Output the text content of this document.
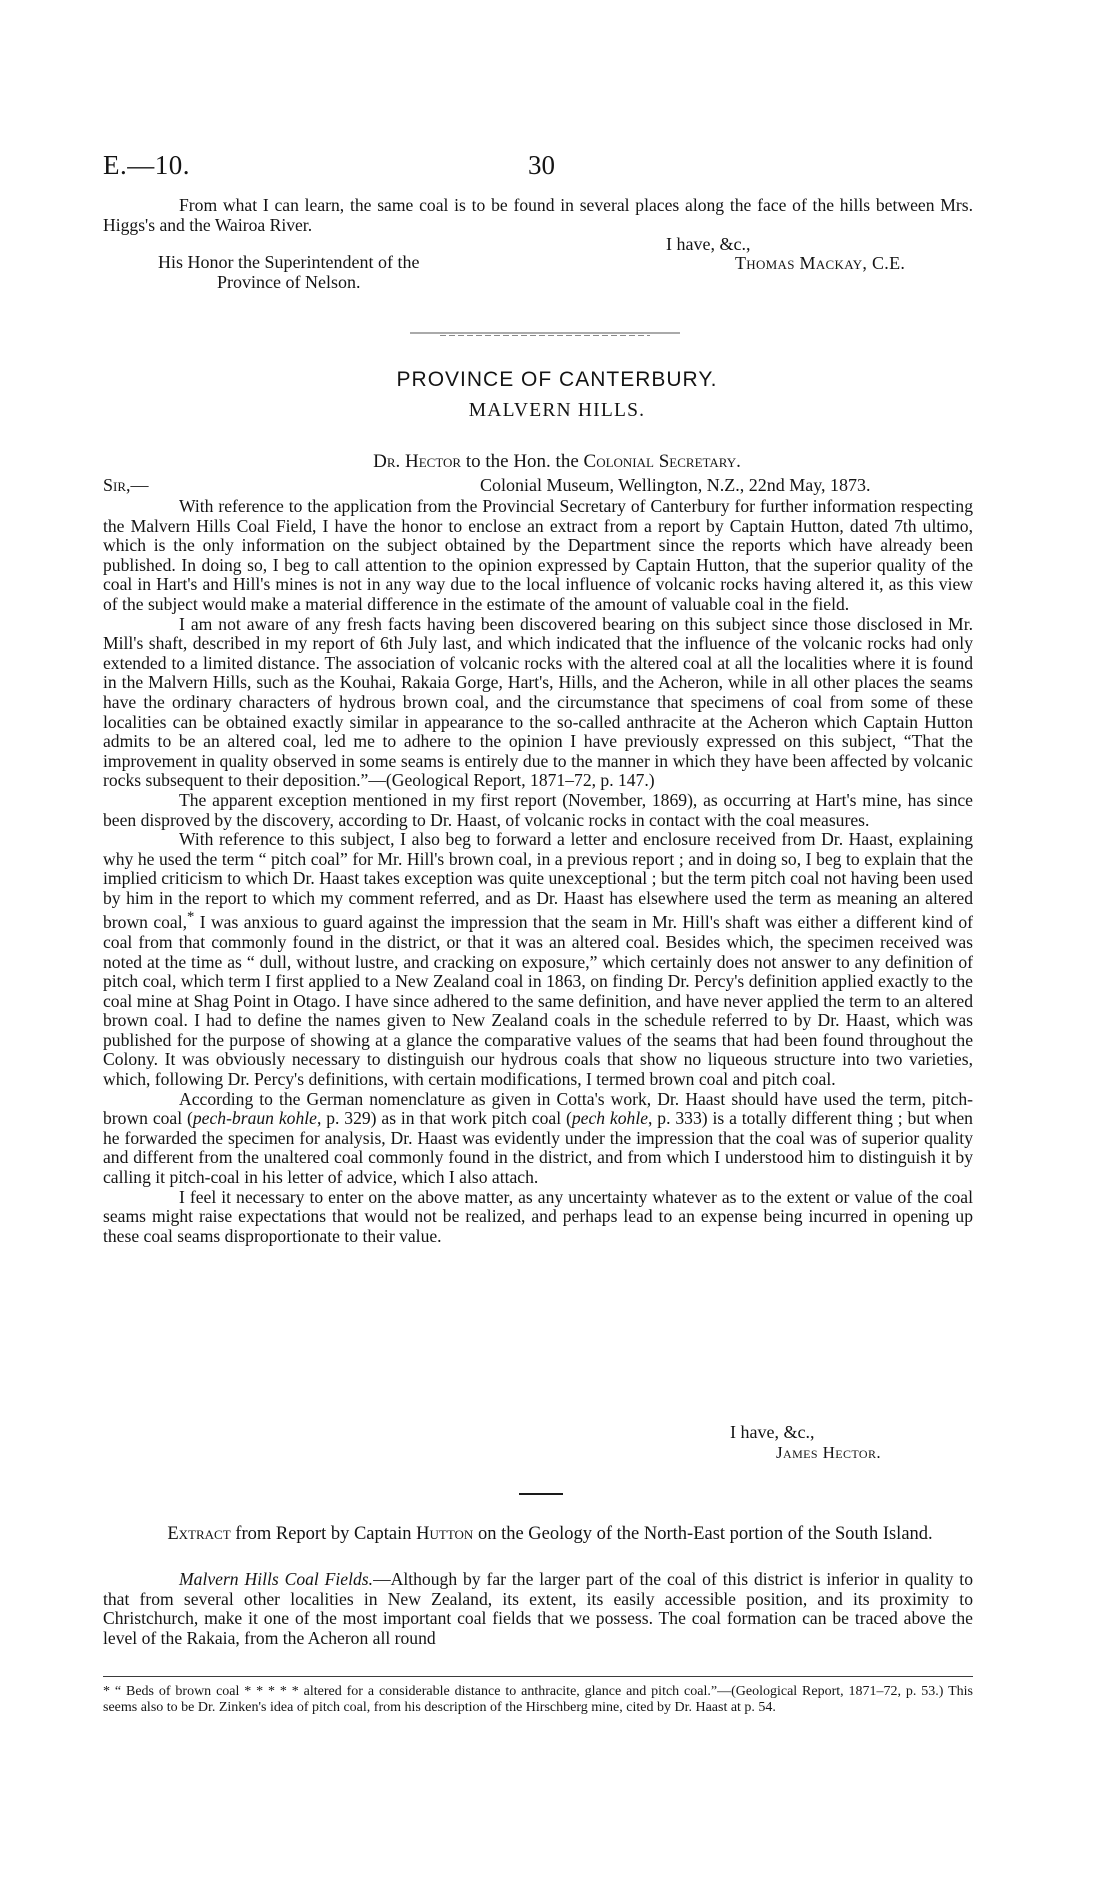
E.—10.	30

From what I can learn, the same coal is to be found in several places along the face of the hills between Mrs. Higgs's and the Wairoa River.

I have, &c.,
His Honor the Superintendent of the
Province of Nelson.
Thomas Mackay, C.E.
PROVINCE OF CANTERBURY.
MALVERN HILLS.
Dr. Hector to the Hon. the Colonial Secretary.
Sir,—	Colonial Museum, Wellington, N.Z., 22nd May, 1873.

With reference to the application from the Provincial Secretary of Canterbury for further information respecting the Malvern Hills Coal Field, I have the honor to enclose an extract from a report by Captain Hutton, dated 7th ultimo, which is the only information on the subject obtained by the Department since the reports which have already been published. In doing so, I beg to call attention to the opinion expressed by Captain Hutton, that the superior quality of the coal in Hart's and Hill's mines is not in any way due to the local influence of volcanic rocks having altered it, as this view of the subject would make a material difference in the estimate of the amount of valuable coal in the field.

I am not aware of any fresh facts having been discovered bearing on this subject since those disclosed in Mr. Mill's shaft, described in my report of 6th July last, and which indicated that the influence of the volcanic rocks had only extended to a limited distance. The association of volcanic rocks with the altered coal at all the localities where it is found in the Malvern Hills, such as the Kouhai, Rakaia Gorge, Hart's, Hills, and the Acheron, while in all other places the seams have the ordinary characters of hydrous brown coal, and the circumstance that specimens of coal from some of these localities can be obtained exactly similar in appearance to the so-called anthracite at the Acheron which Captain Hutton admits to be an altered coal, led me to adhere to the opinion I have previously expressed on this subject, “That the improvement in quality observed in some seams is entirely due to the manner in which they have been affected by volcanic rocks subsequent to their deposition.”—(Geological Report, 1871–72, p. 147.)

The apparent exception mentioned in my first report (November, 1869), as occurring at Hart's mine, has since been disproved by the discovery, according to Dr. Haast, of volcanic rocks in contact with the coal measures.

With reference to this subject, I also beg to forward a letter and enclosure received from Dr. Haast, explaining why he used the term “ pitch coal” for Mr. Hill's brown coal, in a previous report ; and in doing so, I beg to explain that the implied criticism to which Dr. Haast takes exception was quite unexceptional ; but the term pitch coal not having been used by him in the report to which my comment referred, and as Dr. Haast has elsewhere used the term as meaning an altered brown coal,* I was anxious to guard against the impression that the seam in Mr. Hill's shaft was either a different kind of coal from that commonly found in the district, or that it was an altered coal. Besides which, the specimen received was noted at the time as “ dull, without lustre, and cracking on exposure,” which certainly does not answer to any definition of pitch coal, which term I first applied to a New Zealand coal in 1863, on finding Dr. Percy's definition applied exactly to the coal mine at Shag Point in Otago. I have since adhered to the same definition, and have never applied the term to an altered brown coal. I had to define the names given to New Zealand coals in the schedule referred to by Dr. Haast, which was published for the purpose of showing at a glance the comparative values of the seams that had been found throughout the Colony. It was obviously necessary to distinguish our hydrous coals that show no liqueous structure into two varieties, which, following Dr. Percy's definitions, with certain modifications, I termed brown coal and pitch coal.

According to the German nomenclature as given in Cotta's work, Dr. Haast should have used the term, pitch-brown coal (pech-braun kohle, p. 329) as in that work pitch coal (pech kohle, p. 333) is a totally different thing ; but when he forwarded the specimen for analysis, Dr. Haast was evidently under the impression that the coal was of superior quality and different from the unaltered coal commonly found in the district, and from which I understood him to distinguish it by calling it pitch-coal in his letter of advice, which I also attach.

I feel it necessary to enter on the above matter, as any uncertainty whatever as to the extent or value of the coal seams might raise expectations that would not be realized, and perhaps lead to an expense being incurred in opening up these coal seams disproportionate to their value.

I have, &c.,
James Hector.
Extract from Report by Captain Hutton on the Geology of the North-East portion of the South Island.

Malvern Hills Coal Fields.—Although by far the larger part of the coal of this district is inferior in quality to that from several other localities in New Zealand, its extent, its easily accessible position, and its proximity to Christchurch, make it one of the most important coal fields that we possess. The coal formation can be traced above the level of the Rakaia, from the Acheron all round

* “ Beds of brown coal * * * * * altered for a considerable distance to anthracite, glance and pitch coal.”—(Geological Report, 1871–72, p. 53.) This seems also to be Dr. Zinken's idea of pitch coal, from his description of the Hirschberg mine, cited by Dr. Haast at p. 54.
